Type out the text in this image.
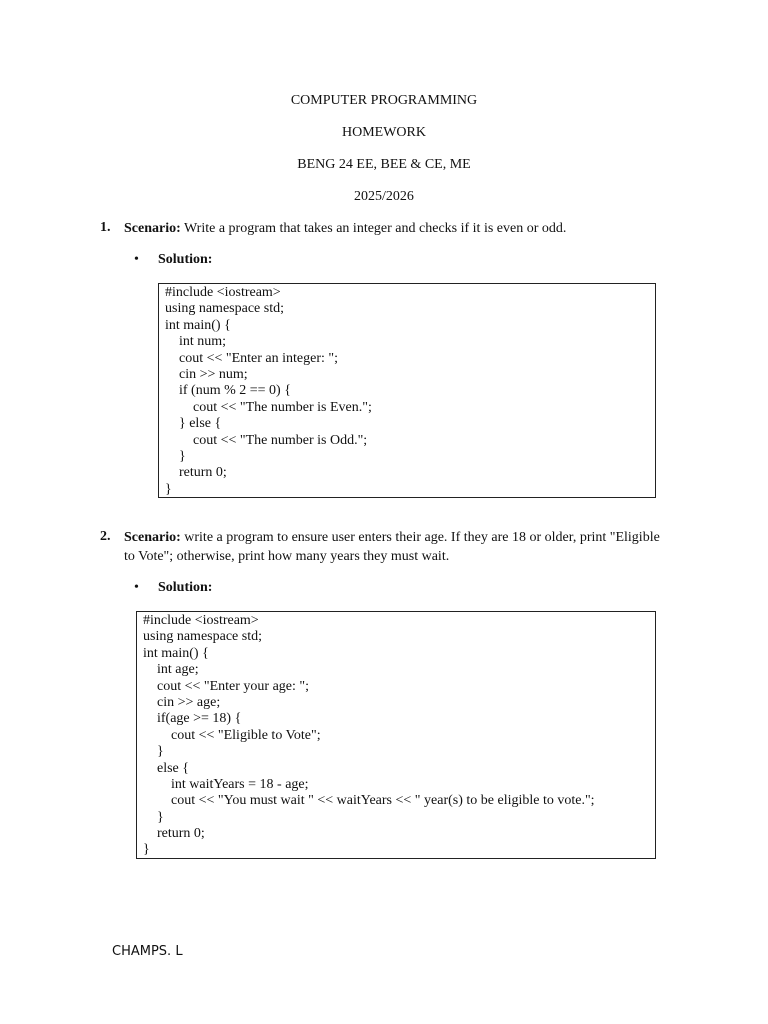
COMPUTER PROGRAMMING
HOMEWORK
BENG 24 EE, BEE & CE, ME
2025/2026
1. Scenario: Write a program that takes an integer and checks if it is even or odd.
• Solution:
#include <iostream>
using namespace std;
int main() {
int num;
cout << "Enter an integer: ";
cin >> num;
if (num % 2 == 0) {
cout << "The number is Even.";
} else {
cout << "The number is Odd.";
}
return 0;
}
2. Scenario: write a program to ensure user enters their age. If they are 18 or older, print "Eligible to Vote"; otherwise, print how many years they must wait.
• Solution:
#include <iostream>
using namespace std;
int main() {
int age;
cout << "Enter your age: ";
cin >> age;
if(age >= 18) {
cout << "Eligible to Vote";
}
else {
int waitYears = 18 - age;
cout << "You must wait " << waitYears << " year(s) to be eligible to vote.";
}
return 0;
}
CHAMPS. L
